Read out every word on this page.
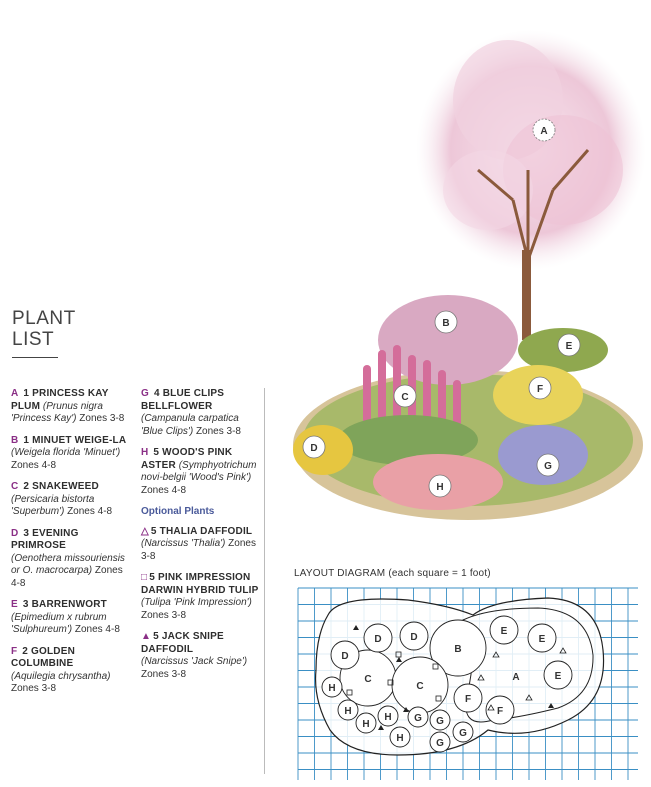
A
B
C
D
E
F
G
H
PLANT
LIST
A 1 PRINCESS KAY PLUM (Prunus nigra 'Princess Kay') Zones 3-8
B 1 MINUET WEIGE-LA (Weigela florida 'Minuet') Zones 4-8
C 2 SNAKEWEED
(Persicaria bistorta 'Superbum') Zones 4-8
D 3 EVENING PRIMROSE
(Oenothera missouriensis or O. macrocarpa) Zones 4-8
E 3 BARRENWORT
(Epimedium x rubrum 'Sulphureum') Zones 4-8
F 2 GOLDEN COLUMBINE
(Aquilegia chrysantha) Zones 3-8
G 4 BLUE CLIPS BELLFLOWER (Campanula carpatica 'Blue Clips') Zones 3-8
H 5 WOOD'S PINK ASTER (Symphyotrichum novi-belgii 'Wood's Pink') Zones 4-8
Optional Plants
△ 5 THALIA DAFFODIL (Narcissus 'Thalia') Zones 3-8
□ 5 PINK IMPRESSION DARWIN HYBRID TULIP (Tulipa 'Pink Impression') Zones 3-8
▲ 5 JACK SNIPE DAFFODIL
(Narcissus 'Jack Snipe') Zones 3-8
LAYOUT DIAGRAM (each square = 1 foot)
B
C
C
D	D
D
E
E
E
A
F
F
G G
G
G
H
H
H
H
H
